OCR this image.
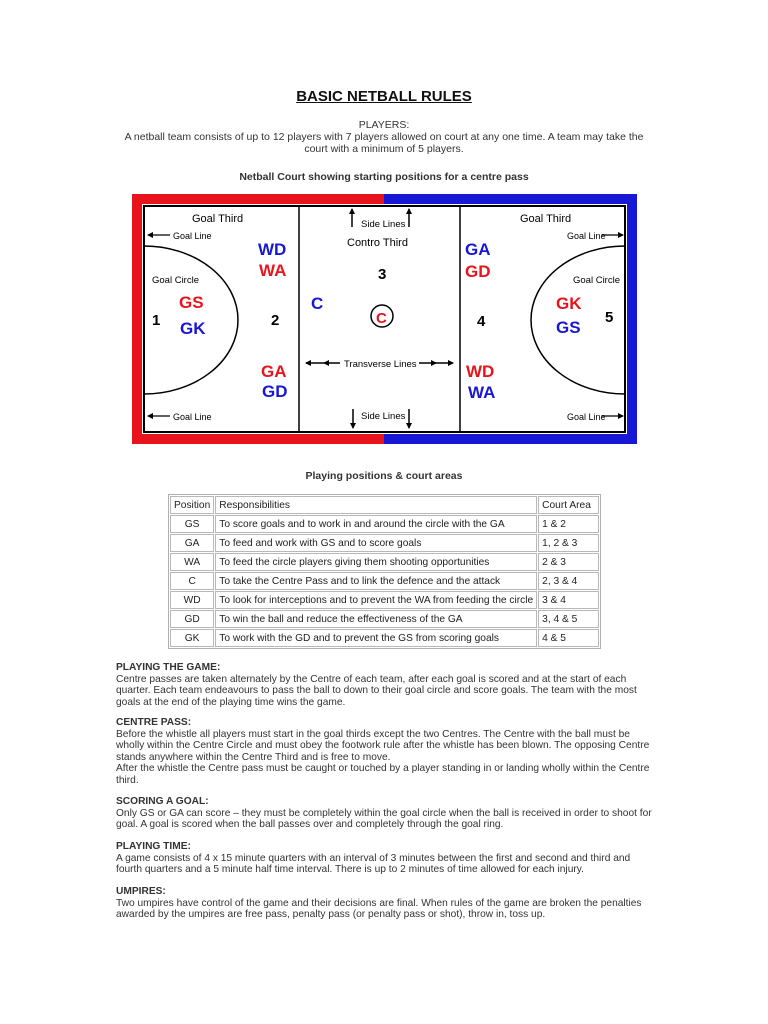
BASIC NETBALL RULES
PLAYERS:
A netball team consists of up to 12 players with 7 players allowed on court at any one time. A team may take the court with a minimum of 5 players.
Netball Court showing starting positions for a centre pass
Goal Third	Goal Third
Goal Line	Goal Line
Goal Line	Goal Line
Goal Circle	Goal Circle
Side Lines
Side Lines
Contro Third
Transverse Lines
1	2
3
4	5
GS
GK
WD
WA
GA
GD
C
C
GA
GD
WD
WA
GK
GS
Playing positions & court areas
Position	Responsibilities	Court Area
GS	To score goals and to work in and around the circle with the GA	1 & 2
GA	To feed and work with GS and to score goals	1, 2 & 3
WA	To feed the circle players giving them shooting opportunities	2 & 3
C	To take the Centre Pass and to link the defence and the attack	2, 3 & 4
WD	To look for interceptions and to prevent the WA from feeding the circle	3 & 4
GD	To win the ball and reduce the effectiveness of the GA	3, 4 & 5
GK	To work with the GD and to prevent the GS from scoring goals	4 & 5

PLAYING THE GAME:

Centre passes are taken alternately by the Centre of each team, after each goal is scored and at the start of each quarter. Each team endeavours to pass the ball to down to their goal circle and score goals. The team with the most goals at the end of the playing time wins the game.

CENTRE PASS:

Before the whistle all players must start in the goal thirds except the two Centres. The Centre with the ball must be wholly within the Centre Circle and must obey the footwork rule after the whistle has been blown. The opposing Centre stands anywhere within the Centre Third and is free to move.

After the whistle the Centre pass must be caught or touched by a player standing in or landing wholly within the Centre third.

SCORING A GOAL:

Only GS or GA can score – they must be completely within the goal circle when the ball is received in order to shoot for goal. A goal is scored when the ball passes over and completely through the goal ring.

PLAYING TIME:

A game consists of 4 x 15 minute quarters with an interval of 3 minutes between the first and second and third and fourth quarters and a 5 minute half time interval. There is up to 2 minutes of time allowed for each injury.

UMPIRES:

Two umpires have control of the game and their decisions are final. When rules of the game are broken the penalties awarded by the umpires are free pass, penalty pass (or penalty pass or shot), throw in, toss up.
